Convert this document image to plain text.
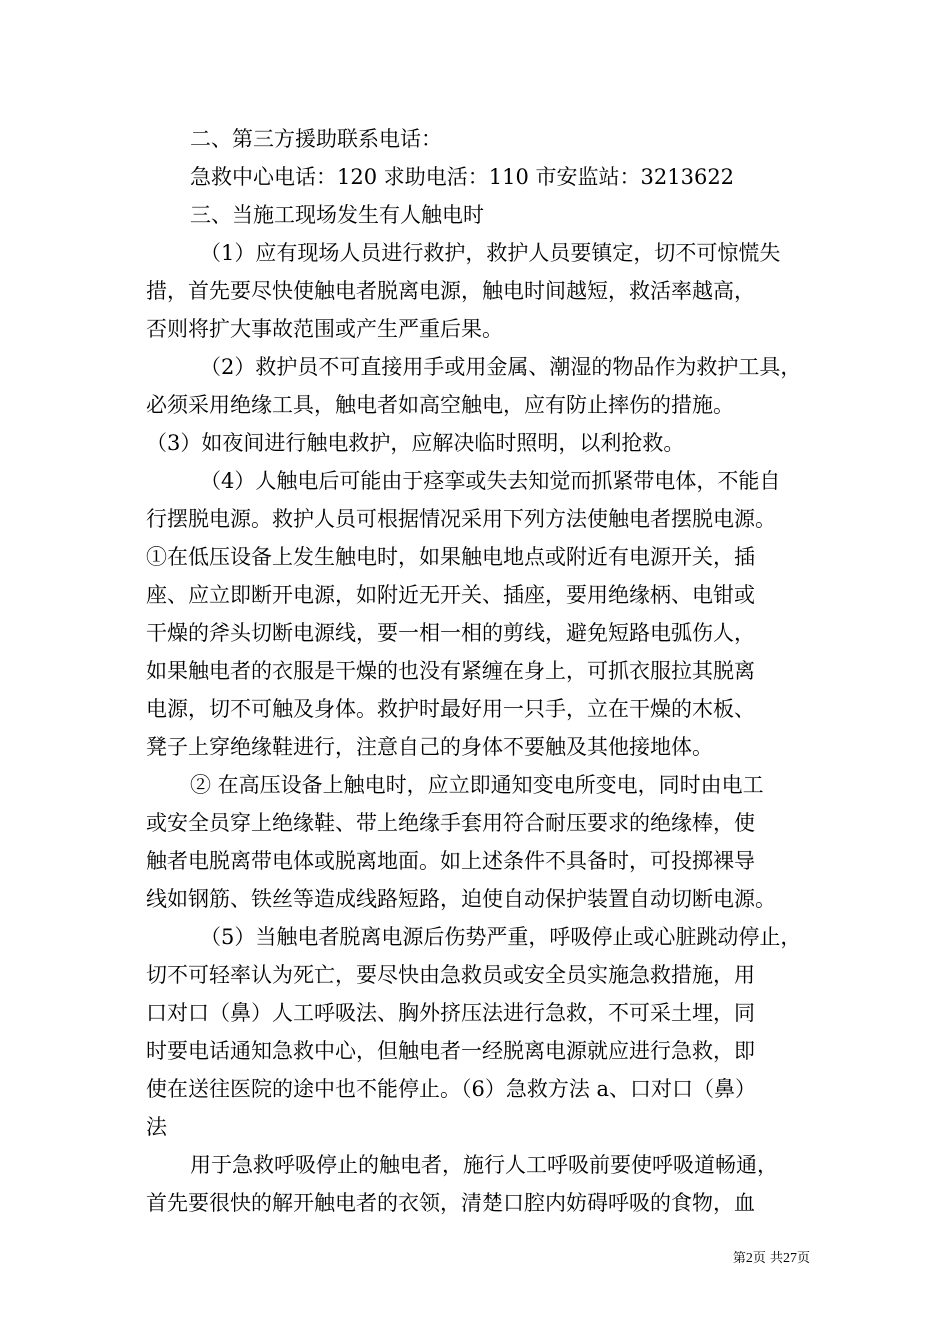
二、第三方援助联系电话：
急救中心电话：120 求助电活：110 市安监站：3213622
三、当施工现场发生有人触电时
（1）应有现场人员进行救护，救护人员要镇定，切不可惊慌失
措，首先要尽快使触电者脱离电源，触电时间越短，救活率越高，
否则将扩大事故范围或产生严重后果。
（2）救护员不可直接用手或用金属、潮湿的物品作为救护工具，
必须采用绝缘工具，触电者如高空触电，应有防止摔伤的措施。
（3）如夜间进行触电救护，应解决临时照明，以利抢救。
（4）人触电后可能由于痉挛或失去知觉而抓紧带电体，不能自
行摆脱电源。救护人员可根据情况采用下列方法使触电者摆脱电源。
①在低压设备上发生触电时，如果触电地点或附近有电源开关，插
座、应立即断开电源，如附近无开关、插座，要用绝缘柄、电钳或
干燥的斧头切断电源线，要一相一相的剪线，避免短路电弧伤人，
如果触电者的衣服是干燥的也没有紧缠在身上，可抓衣服拉其脱离
电源，切不可触及身体。救护时最好用一只手，立在干燥的木板、
凳子上穿绝缘鞋进行，注意自己的身体不要触及其他接地体。
② 在高压设备上触电时，应立即通知变电所变电，同时由电工
或安全员穿上绝缘鞋、带上绝缘手套用符合耐压要求的绝缘棒，使
触者电脱离带电体或脱离地面。如上述条件不具备时，可投掷裸导
线如钢筋、铁丝等造成线路短路，迫使自动保护装置自动切断电源。
（5）当触电者脱离电源后伤势严重，呼吸停止或心脏跳动停止，
切不可轻率认为死亡，要尽快由急救员或安全员实施急救措施，用
口对口（鼻）人工呼吸法、胸外挤压法进行急救，不可采土埋，同
时要电话通知急救中心，但触电者一经脱离电源就应进行急救，即
使在送往医院的途中也不能停止。（6）急救方法 a、口对口（鼻）
法
用于急救呼吸停止的触电者，施行人工呼吸前要使呼吸道畅通，
首先要很快的解开触电者的衣领，清楚口腔内妨碍呼吸的食物，血
第2页 共27页
